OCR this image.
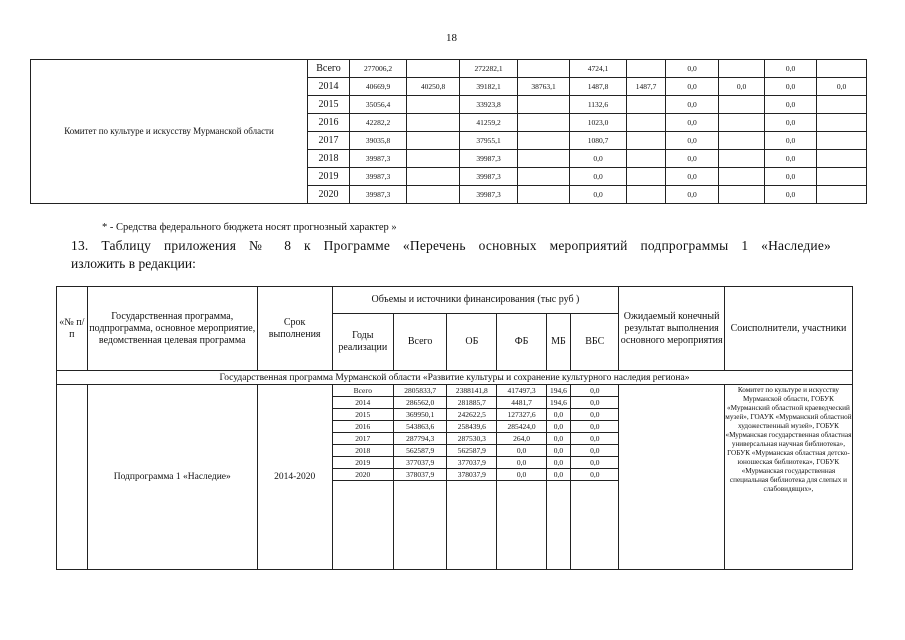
18
Комитет по культуре и искусству Мурманской области	Всего	277006,2		272282,1		4724,1		0,0		0,0	
	2014	40669,9	40250,8	39182,1	38763,1	1487,8	1487,7	0,0	0,0	0,0	0,0
	2015	35056,4		33923,8		1132,6		0,0		0,0	
	2016	42282,2		41259,2		1023,0		0,0		0,0	
	2017	39035,8		37955,1		1080,7		0,0		0,0	
	2018	39987,3		39987,3		0,0		0,0		0,0	
	2019	39987,3		39987,3		0,0		0,0		0,0	
	2020	39987,3		39987,3		0,0		0,0		0,0	
* - Средства федерального бюджета носят прогнозный характер »
13. Таблицу приложения № 8 к Программе «Перечень основных мероприятий подпрограммы 1 «Наследие»
изложить в редакции:
«№ п/п	Государственная программа, подпрограмма, основное мероприятие, ведомственная целевая программа	Срок выполнения	Объемы и источники финансирования (тыс руб )						Ожидаемый конечный результат выполнения основного мероприятия	Соисполнители, участники
			Годы реализации	Всего	ОБ	ФБ	МБ	ВБС		
Государственная программа Мурманской области «Развитие культуры и сохранение культурного наследия региона»										
	Подпрограмма 1 «Наследие»	2014-2020	Всего	2805833,7	2388141,8	417497,3	194,6	0,0		Комитет по культуре и искусству Мурманской области, ГОБУК «Мурманский областной краеведческий музей», ГОАУК «Мурманский областной художественный музей», ГОБУК «Мурманская государственная областная универсальная научная библиотека», ГОБУК «Мурманская областная детско-юношеская библиотека», ГОБУК «Мурманская государственная специальная библиотека для слепых и слабовидящих»,
			2014	286562,0	281885,7	4481,7	194,6	0,0		
			2015	369950,1	242622,5	127327,6	0,0	0,0		
			2016	543863,6	258439,6	285424,0	0,0	0,0		
			2017	287794,3	287530,3	264,0	0,0	0,0		
			2018	562587,9	562587,9	0,0	0,0	0,0		
			2019	377037,9	377037,9	0,0	0,0	0,0		
			2020	378037,9	378037,9	0,0	0,0	0,0		
